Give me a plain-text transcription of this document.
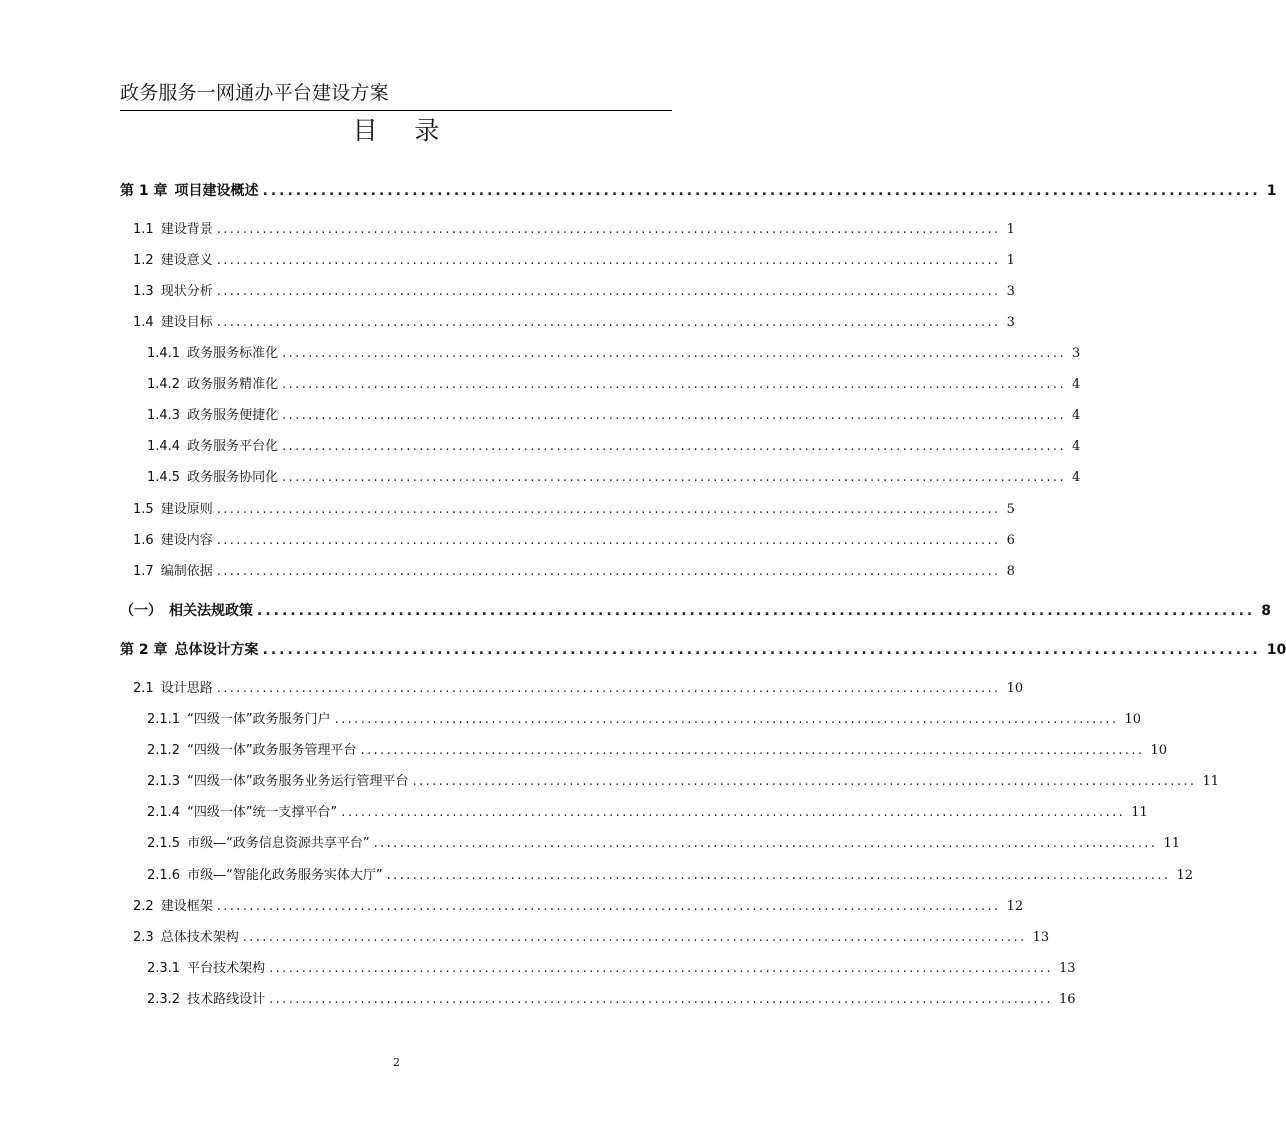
政务服务一网通办平台建设方案
目    录
第 1 章 项目建设概述 ........................................................................................................................ 1
1.1 建设背景 ........................................................................................................................ 1
1.2 建设意义 ........................................................................................................................ 1
1.3 现状分析 ........................................................................................................................ 3
1.4 建设目标 ........................................................................................................................ 3
1.4.1 政务服务标准化 ........................................................................................................................ 3
1.4.2 政务服务精准化 ........................................................................................................................ 4
1.4.3 政务服务便捷化 ........................................................................................................................ 4
1.4.4 政务服务平台化 ........................................................................................................................ 4
1.4.5 政务服务协同化 ........................................................................................................................ 4
1.5 建设原则 ........................................................................................................................ 5
1.6 建设内容 ........................................................................................................................ 6
1.7 编制依据 ........................................................................................................................ 8
（一） 相关法规政策 ........................................................................................................................ 8
第 2 章 总体设计方案 ........................................................................................................................ 10
2.1 设计思路 ........................................................................................................................ 10
2.1.1 “四级一体”政务服务门户 ........................................................................................................................ 10
2.1.2 “四级一体”政务服务管理平台 ........................................................................................................................ 10
2.1.3 “四级一体”政务服务业务运行管理平台 ........................................................................................................................ 11
2.1.4 “四级一体”统一支撑平台” ........................................................................................................................ 11
2.1.5 市级—“政务信息资源共享平台” ........................................................................................................................ 11
2.1.6 市级—“智能化政务服务实体大厅” ........................................................................................................................ 12
2.2 建设框架 ........................................................................................................................ 12
2.3 总体技术架构 ........................................................................................................................ 13
2.3.1 平台技术架构 ........................................................................................................................ 13
2.3.2 技术路线设计 ........................................................................................................................ 16
2
